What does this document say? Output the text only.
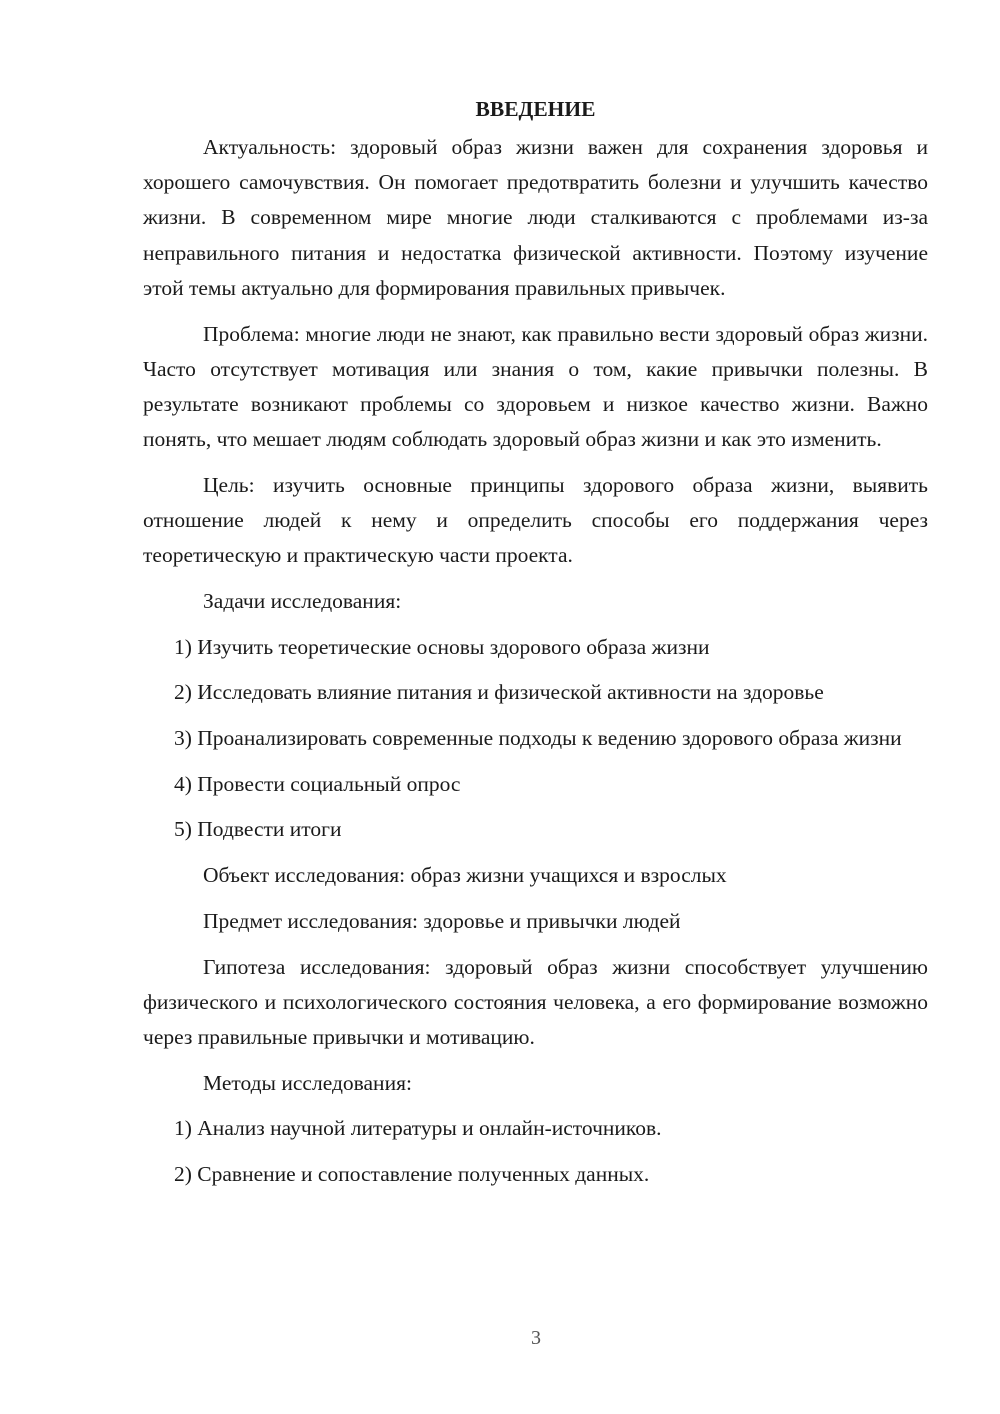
ВВЕДЕНИЕ

Актуальность: здоровый образ жизни важен для сохранения здоровья и хорошего самочувствия. Он помогает предотвратить болезни и улучшить качество жизни. В современном мире многие люди сталкиваются с проблемами из-за неправильного питания и недостатка физической активности. Поэтому изучение этой темы актуально для формирования правильных привычек.

Проблема: многие люди не знают, как правильно вести здоровый образ жизни. Часто отсутствует мотивация или знания о том, какие привычки полезны. В результате возникают проблемы со здоровьем и низкое качество жизни. Важно понять, что мешает людям соблюдать здоровый образ жизни и как это изменить.

Цель: изучить основные принципы здорового образа жизни, выявить отношение людей к нему и определить способы его поддержания через теоретическую и практическую части проекта.

Задачи исследования:

1) Изучить теоретические основы здорового образа жизни

2) Исследовать влияние питания и физической активности на здоровье

3) Проанализировать современные подходы к ведению здорового образа жизни

4) Провести социальный опрос

5) Подвести итоги

Объект исследования: образ жизни учащихся и взрослых

Предмет исследования: здоровье и привычки людей

Гипотеза исследования: здоровый образ жизни способствует улучшению физического и психологического состояния человека, а его формирование возможно через правильные привычки и мотивацию.

Методы исследования:

1) Анализ научной литературы и онлайн-источников.

2) Сравнение и сопоставление полученных данных.

3
